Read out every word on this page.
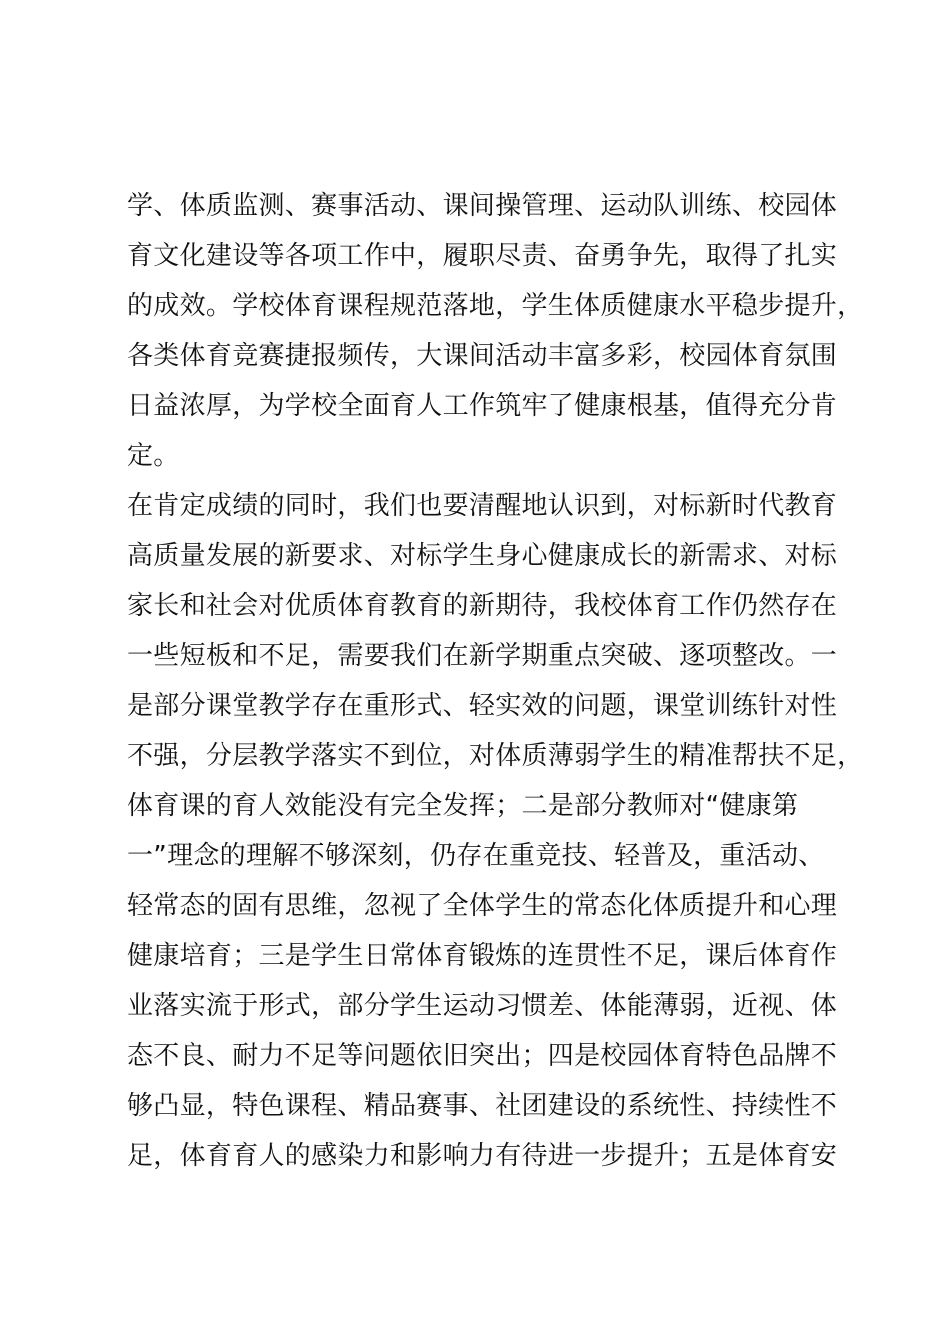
学、体质监测、赛事活动、课间操管理、运动队训练、校园体
育文化建设等各项工作中，履职尽责、奋勇争先，取得了扎实
的成效。学校体育课程规范落地，学生体质健康水平稳步提升，
各类体育竞赛捷报频传，大课间活动丰富多彩，校园体育氛围
日益浓厚，为学校全面育人工作筑牢了健康根基，值得充分肯
定。
在肯定成绩的同时，我们也要清醒地认识到，对标新时代教育
高质量发展的新要求、对标学生身心健康成长的新需求、对标
家长和社会对优质体育教育的新期待，我校体育工作仍然存在
一些短板和不足，需要我们在新学期重点突破、逐项整改。一
是部分课堂教学存在重形式、轻实效的问题，课堂训练针对性
不强，分层教学落实不到位，对体质薄弱学生的精准帮扶不足，
体育课的育人效能没有完全发挥；二是部分教师对“健康第
一”理念的理解不够深刻，仍存在重竞技、轻普及，重活动、
轻常态的固有思维，忽视了全体学生的常态化体质提升和心理
健康培育；三是学生日常体育锻炼的连贯性不足，课后体育作
业落实流于形式，部分学生运动习惯差、体能薄弱，近视、体
态不良、耐力不足等问题依旧突出；四是校园体育特色品牌不
够凸显，特色课程、精品赛事、社团建设的系统性、持续性不
足，体育育人的感染力和影响力有待进一步提升；五是体育安
